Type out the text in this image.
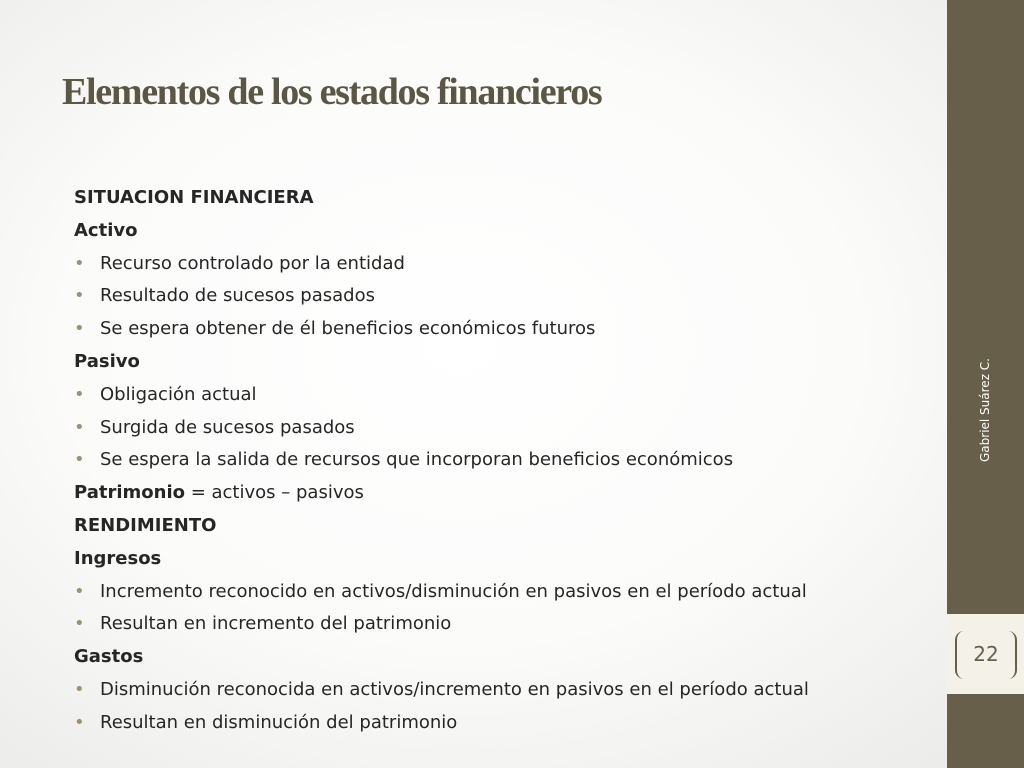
Elementos de los estados financieros
SITUACION FINANCIERA
Activo
• Recurso controlado por la entidad
• Resultado de sucesos pasados
• Se espera obtener de él beneficios económicos futuros
Pasivo
• Obligación actual
• Surgida de sucesos pasados
• Se espera la salida de recursos que incorporan beneficios económicos
Patrimonio = activos – pasivos
RENDIMIENTO
Ingresos
• Incremento reconocido en activos/disminución en pasivos en el período actual
• Resultan en incremento del patrimonio
Gastos
• Disminución reconocida en activos/incremento en pasivos en el período actual
• Resultan en disminución del patrimonio
Gabriel Suárez C.
22
